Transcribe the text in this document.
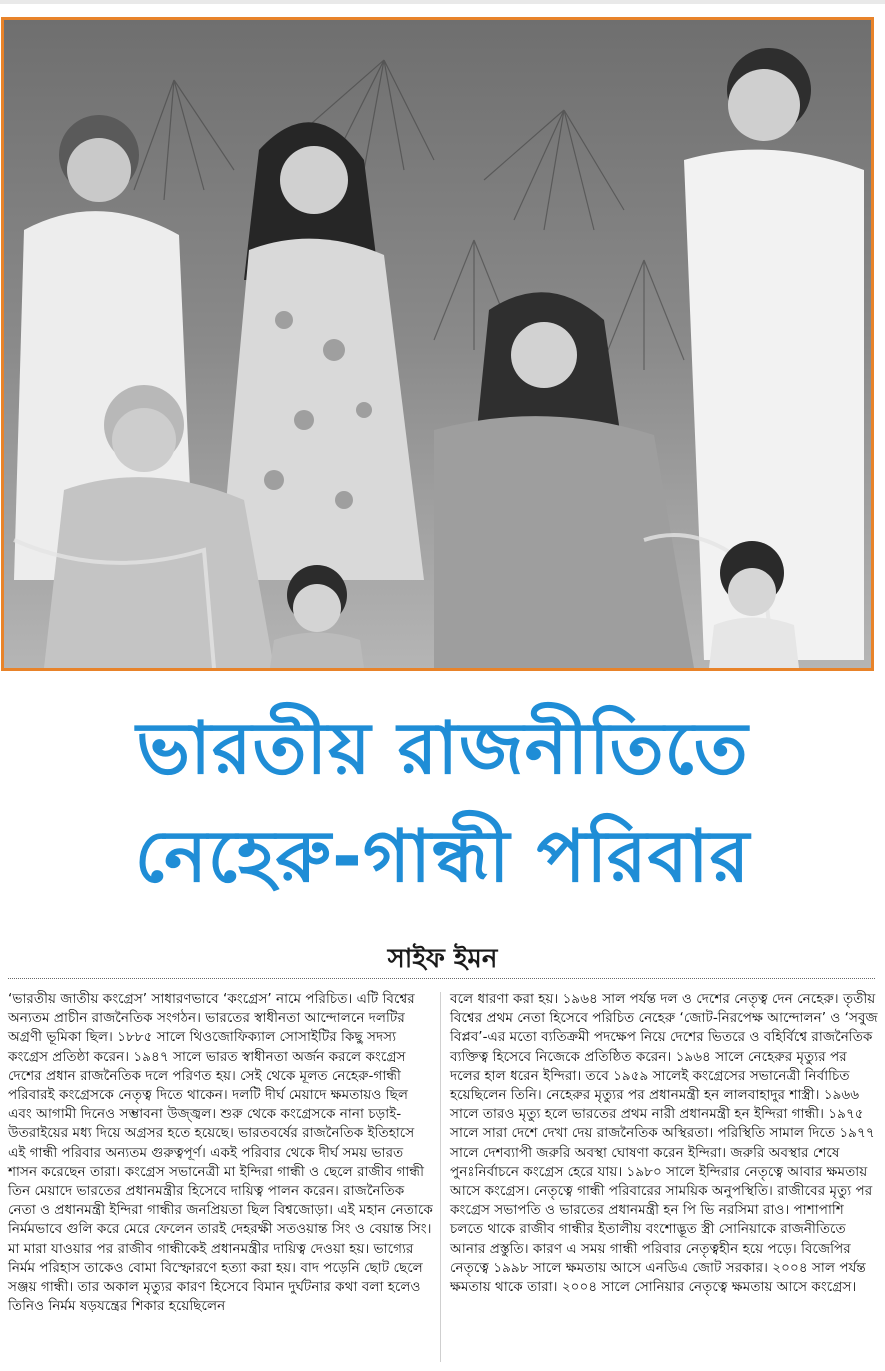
ভারতীয় রাজনীতিতে
নেহেরু-গান্ধী পরিবার
সাইফ ইমন

‘ভারতীয় জাতীয় কংগ্রেস’ সাধারণভাবে ‘কংগ্রেস’ নামে পরিচিত। এটি বিশ্বের অন্যতম প্রাচীন রাজনৈতিক সংগঠন। ভারতের স্বাধীনতা আন্দোলনে দলটির অগ্রণী ভূমিকা ছিল। ১৮৮৫ সালে থিওজোফিক্যাল সোসাইটির কিছু সদস্য কংগ্রেস প্রতিষ্ঠা করেন। ১৯৪৭ সালে ভারত স্বাধীনতা অর্জন করলে কংগ্রেস দেশের প্রধান রাজনৈতিক দলে পরিণত হয়। সেই থেকে মূলত নেহেরু-গান্ধী পরিবারই কংগ্রেসকে নেতৃত্ব দিতে থাকেন। দলটি দীর্ঘ মেয়াদে ক্ষমতায়ও ছিল এবং আগামী দিনেও সম্ভাবনা উজ্জ্বল। শুরু থেকে কংগ্রেসকে নানা চড়াই-উতরাইয়ের মধ্য দিয়ে অগ্রসর হতে হয়েছে। ভারতবর্ষের রাজনৈতিক ইতিহাসে এই গান্ধী পরিবার অন্যতম গুরুত্বপূর্ণ। একই পরিবার থেকে দীর্ঘ সময় ভারত শাসন করেছেন তারা। কংগ্রেস সভানেত্রী মা ইন্দিরা গান্ধী ও ছেলে রাজীব গান্ধী তিন মেয়াদে ভারতের প্রধানমন্ত্রীর হিসেবে দায়িত্ব পালন করেন। রাজনৈতিক নেতা ও প্রধানমন্ত্রী ইন্দিরা গান্ধীর জনপ্রিয়তা ছিল বিশ্বজোড়া। এই মহান নেতাকে নির্মমভাবে গুলি করে মেরে ফেলেন তারই দেহরক্ষী সতওয়ান্ত সিং ও বেয়ান্ত সিং। মা মারা যাওয়ার পর রাজীব গান্ধীকেই প্রধানমন্ত্রীর দায়িত্ব দেওয়া হয়। ভাগ্যের নির্মম পরিহাস তাকেও বোমা বিস্ফোরণে হত্যা করা হয়। বাদ পড়েনি ছোট ছেলে সঞ্জয় গান্ধী। তার অকাল মৃত্যুর কারণ হিসেবে বিমান দুর্ঘটনার কথা বলা হলেও তিনিও নির্মম ষড়যন্ত্রের শিকার হয়েছিলেন

বলে ধারণা করা হয়। ১৯৬৪ সাল পর্যন্ত দল ও দেশের নেতৃত্ব দেন নেহেরু। তৃতীয় বিশ্বের প্রথম নেতা হিসেবে পরিচিত নেহেরু ‘জোট-নিরপেক্ষ আন্দোলন’ ও ‘সবুজ বিপ্লব’-এর মতো ব্যতিক্রমী পদক্ষেপ নিয়ে দেশের ভিতরে ও বহির্বিশ্বে রাজনৈতিক ব্যক্তিত্ব হিসেবে নিজেকে প্রতিষ্ঠিত করেন। ১৯৬৪ সালে নেহেরুর মৃত্যুর পর দলের হাল ধরেন ইন্দিরা। তবে ১৯৫৯ সালেই কংগ্রেসের সভানেত্রী নির্বাচিত হয়েছিলেন তিনি। নেহেরুর মৃত্যুর পর প্রধানমন্ত্রী হন লালবাহাদুর শাস্ত্রী। ১৯৬৬ সালে তারও মৃত্যু হলে ভারতের প্রথম নারী প্রধানমন্ত্রী হন ইন্দিরা গান্ধী। ১৯৭৫ সালে সারা দেশে দেখা দেয় রাজনৈতিক অস্থিরতা। পরিস্থিতি সামাল দিতে ১৯৭৭ সালে দেশব্যাপী জরুরি অবস্থা ঘোষণা করেন ইন্দিরা। জরুরি অবস্থার শেষে পুনঃনির্বাচনে কংগ্রেস হেরে যায়। ১৯৮০ সালে ইন্দিরার নেতৃত্বে আবার ক্ষমতায় আসে কংগ্রেস। নেতৃত্বে গান্ধী পরিবারের সাময়িক অনুপস্থিতি। রাজীবের মৃত্যু পর কংগ্রেস সভাপতি ও ভারতের প্রধানমন্ত্রী হন পি ভি নরসিমা রাও। পাশাপাশি চলতে থাকে রাজীব গান্ধীর ইতালীয় বংশোদ্ভূত স্ত্রী সোনিয়াকে রাজনীতিতে আনার প্রস্তুতি। কারণ এ সময় গান্ধী পরিবার নেতৃত্বহীন হয়ে পড়ে। বিজেপির নেতৃত্বে ১৯৯৮ সালে ক্ষমতায় আসে এনডিএ জোট সরকার। ২০০৪ সাল পর্যন্ত ক্ষমতায় থাকে তারা। ২০০৪ সালে সোনিয়ার নেতৃত্বে ক্ষমতায় আসে কংগ্রেস।
